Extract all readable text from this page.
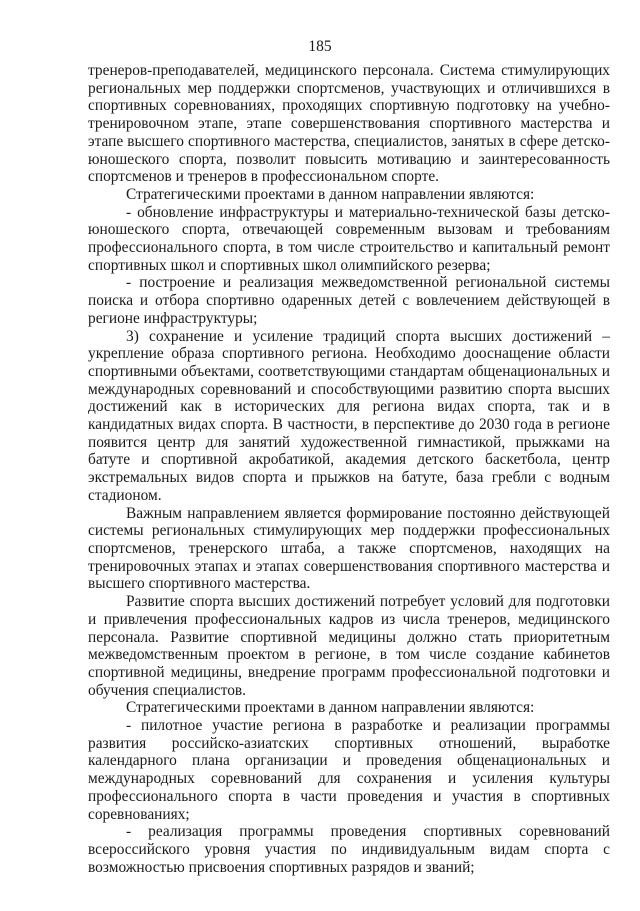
185

тренеров-преподавателей, медицинского персонала. Система стимулирующих региональных мер поддержки спортсменов, участвующих и отличившихся в спортивных соревнованиях, проходящих спортивную подготовку на учебно-тренировочном этапе, этапе совершенствования спортивного мастерства и этапе высшего спортивного мастерства, специалистов, занятых в сфере детско-юношеского спорта, позволит повысить мотивацию и заинтересованность спортсменов и тренеров в профессиональном спорте.

Стратегическими проектами в данном направлении являются:

- обновление инфраструктуры и материально-технической базы детско-юношеского спорта, отвечающей современным вызовам и требованиям профессионального спорта, в том числе строительство и капитальный ремонт спортивных школ и спортивных школ олимпийского резерва;

- построение и реализация межведомственной региональной системы поиска и отбора спортивно одаренных детей с вовлечением действующей в регионе инфраструктуры;

3) сохранение и усиление традиций спорта высших достижений – укрепление образа спортивного региона. Необходимо дооснащение области спортивными объектами, соответствующими стандартам общенациональных и международных соревнований и способствующими развитию спорта высших достижений как в исторических для региона видах спорта, так и в кандидатных видах спорта. В частности, в перспективе до 2030 года в регионе появится центр для занятий художественной гимнастикой, прыжками на батуте и спортивной акробатикой, академия детского баскетбола, центр экстремальных видов спорта и прыжков на батуте, база гребли с водным стадионом.

Важным направлением является формирование постоянно действующей системы региональных стимулирующих мер поддержки профессиональных спортсменов, тренерского штаба, а также спортсменов, находящих на тренировочных этапах и этапах совершенствования спортивного мастерства и высшего спортивного мастерства.

Развитие спорта высших достижений потребует условий для подготовки и привлечения профессиональных кадров из числа тренеров, медицинского персонала. Развитие спортивной медицины должно стать приоритетным межведомственным проектом в регионе, в том числе создание кабинетов спортивной медицины, внедрение программ профессиональной подготовки и обучения специалистов.

Стратегическими проектами в данном направлении являются:

- пилотное участие региона в разработке и реализации программы развития российско-азиатских спортивных отношений, выработке календарного плана организации и проведения общенациональных и международных соревнований для сохранения и усиления культуры профессионального спорта в части проведения и участия в спортивных соревнованиях;

- реализация программы проведения спортивных соревнований всероссийского уровня участия по индивидуальным видам спорта с возможностью присвоения спортивных разрядов и званий;
